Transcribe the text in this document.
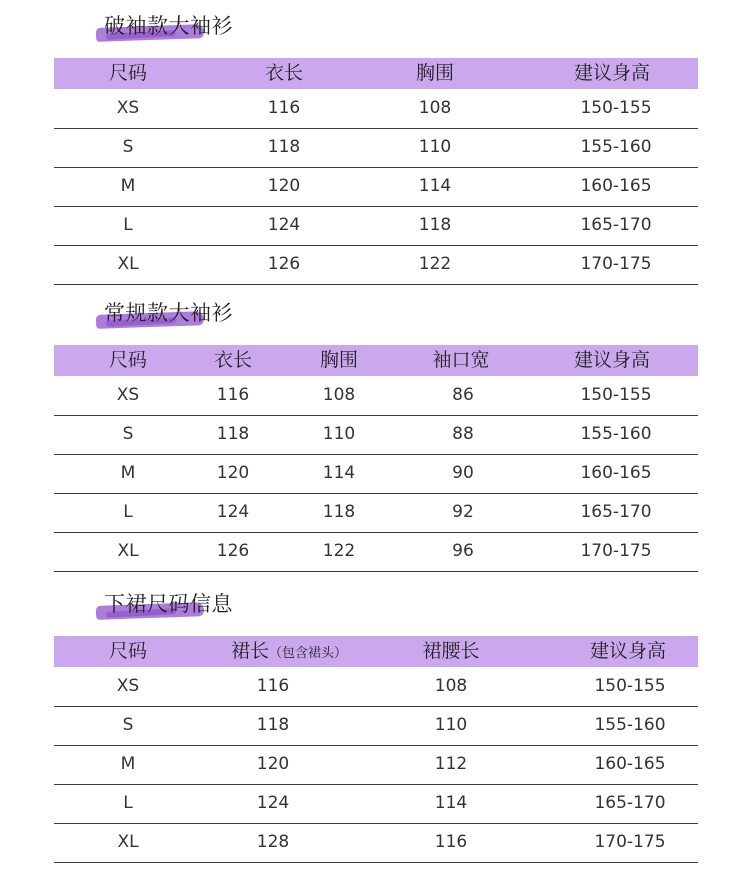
破袖款大袖衫
尺码	衣长	胸围	建议身高
XS	116	108	150-155
S	118	110	155-160
M	120	114	160-165
L	124	118	165-170
XL	126	122	170-175
常规款大袖衫
尺码	衣长	胸围	袖口宽	建议身高
XS	116	108	86	150-155
S	118	110	88	155-160
M	120	114	90	160-165
L	124	118	92	165-170
XL	126	122	96	170-175
下裙尺码信息
尺码	裙长（包含裙头）	裙腰长	建议身高
XS	116	108	150-155
S	118	110	155-160
M	120	112	160-165
L	124	114	165-170
XL	128	116	170-175
